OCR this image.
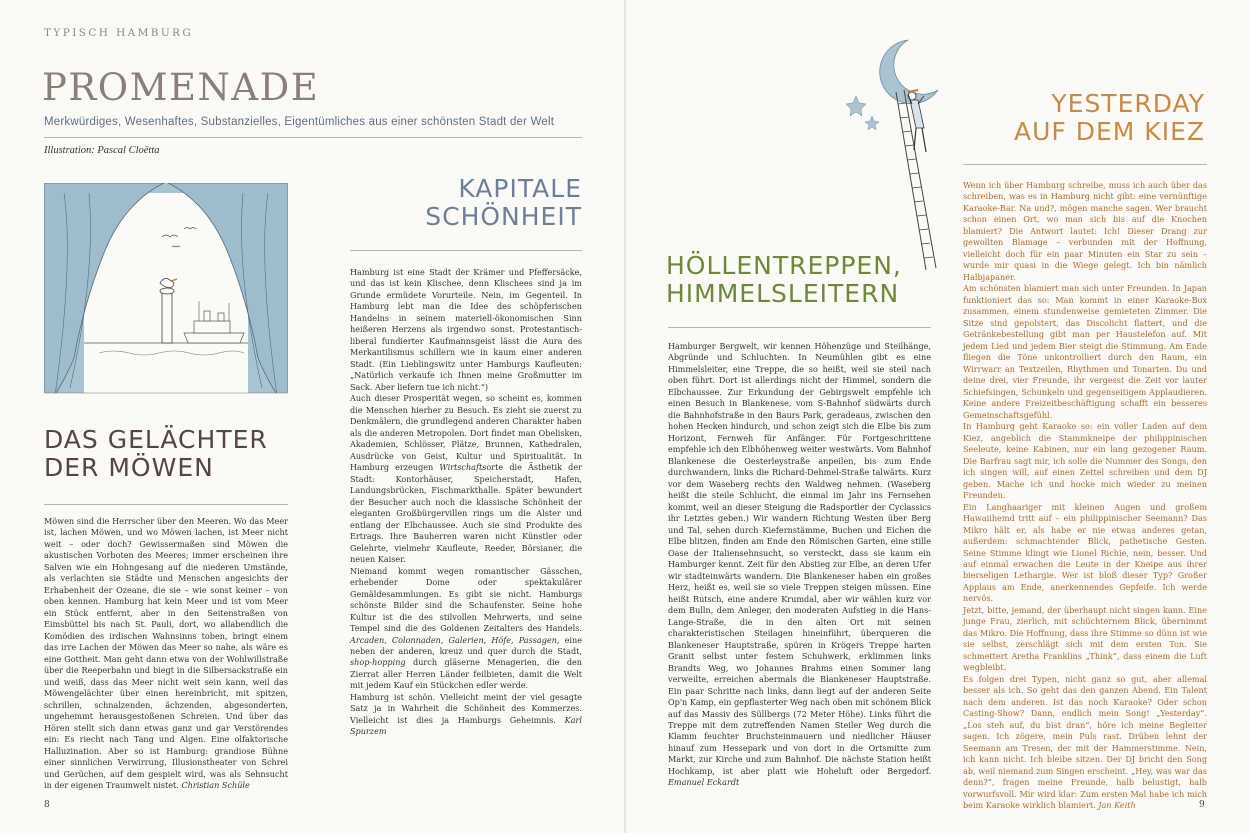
TYPISCH HAMBURG
PROMENADE
Merkwürdiges, Wesenhaftes, Substanzielles, Eigentümliches aus einer schönsten Stadt der Welt
Illustration: Pascal Cloëtta
DAS GELÄCHTER
DER MÖWEN

Möwen sind die Herrscher über den Meeren. Wo das Meer ist, lachen Möwen, und wo Möwen lachen, ist Meer nicht weit – oder doch? Gewissermaßen sind Möwen die akustischen Vorboten des Meeres; immer erscheinen ihre Salven wie ein Hohngesang auf die niederen Umstände, als verlachten sie Städte und Menschen angesichts der Erhabenheit der Ozeane, die sie – wie sonst keiner – von oben kennen. Hamburg hat kein Meer und ist vom Meer ein Stück entfernt, aber in den Seitenstraßen von Eimsbüttel bis nach St. Pauli, dort, wo allabendlich die Komödien des irdischen Wahnsinns toben, bringt einem das irre Lachen der Möwen das Meer so nahe, als wäre es eine Gottheit. Man geht dann etwa von der Wohlwillstraße über die Reeperbahn und biegt in die Silbersackstraße ein und weiß, dass das Meer nicht weit sein kann, weil das Möwengelächter über einen hereinbricht, mit spitzen, schrillen, schnalzenden, ächzenden, abgesonderten, ungehemmt herausgestoßenen Schreien. Und über das Hören stellt sich dann etwas ganz und gar Verstörendes ein: Es riecht nach Tang und Algen. Eine olfaktorische Halluzination. Aber so ist Hamburg: grandiose Bühne einer sinnlichen Verwirrung, Illusionstheater von Schrei und Gerüchen, auf dem gespielt wird, was als Sehnsucht in der eigenen Traumwelt nistet. Christian Schüle

KAPITALE
SCHÖNHEIT

Hamburg ist eine Stadt der Krämer und Pfeffersäcke, und das ist kein Klischee, denn Klischees sind ja im Grunde ermüdete Vorurteile. Nein, im Gegenteil. In Hamburg lebt man die Idee des schöpferischen Handelns in seinem materiell-ökonomischen Sinn heißeren Herzens als irgendwo sonst. Protestantisch-liberal fundierter Kaufmannsgeist lässt die Aura des Merkantilismus schillern wie in kaum einer anderen Stadt. (Ein Lieblingswitz unter Hamburgs Kaufleuten: „Natürlich verkaufe ich Ihnen meine Großmutter im Sack. Aber liefern tue ich nicht.“)

Auch dieser Prosperität wegen, so scheint es, kommen die Menschen hierher zu Besuch. Es zieht sie zuerst zu Denkmälern, die grundlegend anderen Charakter haben als die anderen Metropolen. Dort findet man Obelisken, Akademien, Schlösser, Plätze, Brunnen, Kathedralen, Ausdrücke von Geist, Kultur und Spiritualität. In Hamburg erzeugen Wirtschaftsorte die Ästhetik der Stadt: Kontorhäuser, Speicherstadt, Hafen, Landungsbrücken, Fischmarkthalle. Später bewundert der Besucher auch noch die klassische Schönheit der eleganten Großbürgervillen rings um die Alster und entlang der Elbchaussee. Auch sie sind Produkte des Ertrags. Ihre Bauherren waren nicht Künstler oder Gelehrte, vielmehr Kaufleute, Reeder, Börsianer, die neuen Kaiser.

Niemand kommt wegen romantischer Gässchen, erhebender Dome oder spektakulärer Gemäldesammlungen. Es gibt sie nicht. Hamburgs schönste Bilder sind die Schaufenster. Seine hohe Kultur ist die des stilvollen Mehrwerts, und seine Tempel sind die des Goldenen Zeitalters des Handels. Arcaden, Colonnaden, Galerien, Höfe, Passagen, eine neben der anderen, kreuz und quer durch die Stadt, shop-hopping durch gläserne Menagerien, die den Zierrat aller Herren Länder feilbieten, damit die Welt mit jedem Kauf ein Stückchen edler werde.

Hamburg ist schön. Vielleicht meint der viel gesagte Satz ja in Wahrheit die Schönheit des Kommerzes. Vielleicht ist dies ja Hamburgs Geheimnis. Karl Spurzem

HÖLLENTREPPEN,
HIMMELSLEITERN

Hamburger Bergwelt, wir kennen Höhenzüge und Steilhänge, Abgründe und Schluchten. In Neumühlen gibt es eine Himmelsleiter, eine Treppe, die so heißt, weil sie steil nach oben führt. Dort ist allerdings nicht der Himmel, sondern die Elbchaussee. Zur Erkundung der Gebirgswelt empfehle ich einen Besuch in Blankenese, vom S-Bahnhof südwärts durch die Bahnhofstraße in den Baurs Park, geradeaus, zwischen den hohen Hecken hindurch, und schon zeigt sich die Elbe bis zum Horizont, Fernweh für Anfänger. Für Fortgeschrittene empfehle ich den Elbhöhenweg weiter westwärts. Vom Bahnhof Blankenese die Oesterleystraße anpeilen, bis zum Ende durchwandern, links die Richard-Dehmel-Straße talwärts. Kurz vor dem Waseberg rechts den Waldweg nehmen. (Waseberg heißt die steile Schlucht, die einmal im Jahr ins Fernsehen kommt, weil an dieser Steigung die Radsportler der Cyclassics ihr Letztes geben.) Wir wandern Richtung Westen über Berg und Tal, sehen durch Kiefernstämme, Buchen und Eichen die Elbe blitzen, finden am Ende den Römischen Garten, eine stille Oase der Italiensehnsucht, so versteckt, dass sie kaum ein Hamburger kennt. Zeit für den Abstieg zur Elbe, an deren Ufer wir stadteinwärts wandern. Die Blankeneser haben ein großes Herz, heißt es, weil sie so viele Treppen steigen müssen. Eine heißt Rutsch, eine andere Krumdal, aber wir wählen kurz vor dem Bulln, dem Anleger, den moderaten Aufstieg in die Hans-Lange-Straße, die in den alten Ort mit seinen charakteristischen Steilagen hineinführt, überqueren die Blankeneser Hauptstraße, spüren in Krögers Treppe harten Granit selbst unter festem Schuhwerk, erklimmen links Brandts Weg, wo Johannes Brahms einen Sommer lang verweilte, erreichen abermals die Blankeneser Hauptstraße. Ein paar Schritte nach links, dann liegt auf der anderen Seite Op'n Kamp, ein gepflasterter Weg nach oben mit schönem Blick auf das Massiv des Süllbergs (72 Meter Höhe). Links führt die Treppe mit dem zutreffenden Namen Steiler Weg durch die Klamm feuchter Bruchsteinmauern und niedlicher Häuser hinauf zum Hessepark und von dort in die Ortsmitte zum Markt, zur Kirche und zum Bahnhof. Die nächste Station heißt Hochkamp, ist aber platt wie Hoheluft oder Bergedorf. Emanuel Eckardt

YESTERDAY
AUF DEM KIEZ

Wenn ich über Hamburg schreibe, muss ich auch über das schreiben, was es in Hamburg nicht gibt: eine vernünftige Karaoke-Bar. Na und?, mögen manche sagen. Wer braucht schon einen Ort, wo man sich bis auf die Knochen blamiert? Die Antwort lautet: Ich! Dieser Drang zur gewollten Blamage – verbunden mit der Hoffnung, vielleicht doch für ein paar Minuten ein Star zu sein – wurde mir quasi in die Wiege gelegt. Ich bin nämlich Halbjapaner.

Am schönsten blamiert man sich unter Freunden. In Japan funktioniert das so: Man kommt in einer Karaoke-Box zusammen, einem stundenweise gemieteten Zimmer. Die Sitze sind gepolstert, das Discolicht flattert, und die Getränkebestellung gibt man per Haustelefon auf. Mit jedem Lied und jedem Bier steigt die Stimmung. Am Ende fliegen die Töne unkontrolliert durch den Raum, ein Wirrwarr an Textzeilen, Rhythmen und Tonarten. Du und deine drei, vier Freunde, ihr vergesst die Zeit vor lauter Schiefsingen, Schunkeln und gegenseitigem Applaudieren. Keine andere Freizeitbeschäftigung schafft ein besseres Gemeinschaftsgefühl.

In Hamburg geht Karaoke so: ein voller Laden auf dem Kiez, angeblich die Stammkneipe der philippinischen Seeleute, keine Kabinen, nur ein lang gezogener Raum. Die Barfrau sagt mir, ich solle die Nummer des Songs, den ich singen will, auf einen Zettel schreiben und dem DJ geben. Mache ich und hocke mich wieder zu meinen Freunden.

Ein Langhaariger mit kleinen Augen und großem Hawaiihemd tritt auf – ein philippinischer Seemann? Das Mikro hält er, als habe er nie etwas anderes getan, außerdem: schmachtender Blick, pathetische Gesten. Seine Stimme klingt wie Lionel Richie, nein, besser. Und auf einmal erwachen die Leute in der Kneipe aus ihrer bierseligen Lethargie. Wer ist bloß dieser Typ? Großer Applaus am Ende, anerkennendes Gepfeife. Ich werde nervös.

Jetzt, bitte, jemand, der überhaupt nicht singen kann. Eine junge Frau, zierlich, mit schüchternem Blick, übernimmt das Mikro. Die Hoffnung, dass ihre Stimme so dünn ist wie sie selbst, zerschlägt sich mit dem ersten Ton. Sie schmettert Aretha Franklins „Think“, dass einem die Luft wegbleibt.

Es folgen drei Typen, nicht ganz so gut, aber allemal besser als ich. So geht das den ganzen Abend. Ein Talent nach dem anderen. Ist das noch Karaoke? Oder schon Casting-Show? Dann, endlich mein Song! „Yesterday“. „Los steh auf, du bist dran“, höre ich meine Begleiter sagen. Ich zögere, mein Puls rast. Drüben lehnt der Seemann am Tresen, der mit der Hammerstimme. Nein, ich kann nicht. Ich bleibe sitzen. Der DJ bricht den Song ab, weil niemand zum Singen erscheint. „Hey, was war das denn?“, fragen meine Freunde, halb belustigt, halb vorwurfsvoll. Mir wird klar: Zum ersten Mal habe ich mich beim Karaoke wirklich blamiert. Jan Keith

8	9
